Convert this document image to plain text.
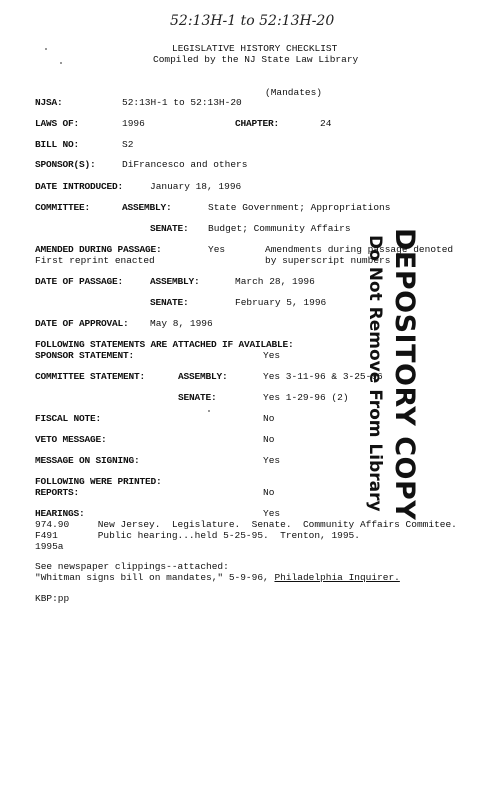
52:13H-1 to 52:13H-20
LEGISLATIVE HISTORY CHECKLIST
Compiled by the NJ State Law Library
(Mandates)
NJSA:	52:13H-1 to 52:13H-20
LAWS OF:	1996	CHAPTER:	24
BILL NO:	S2
SPONSOR(S):	DiFrancesco and others
DATE INTRODUCED:	January 18, 1996
COMMITTEE:	ASSEMBLY:	State Government; Appropriations
SENATE: Budget; Community Affairs
AMENDED DURING PASSAGE:	Yes	Amendments during passage denoted
First reprint enacted	by superscript numbers
DATE OF PASSAGE:	ASSEMBLY:	March 28, 1996
SENATE:	February 5, 1996
DATE OF APPROVAL: May 8, 1996
FOLLOWING STATEMENTS ARE ATTACHED IF AVAILABLE:
SPONSOR STATEMENT:	Yes
COMMITTEE STATEMENT:	ASSEMBLY:	Yes 3-11-96 & 3-25-96
SENATE:	Yes 1-29-96 (2)
FISCAL NOTE:	No
VETO MESSAGE:	No
MESSAGE ON SIGNING:	Yes
FOLLOWING WERE PRINTED:
REPORTS:	No
HEARINGS:	Yes
974.90     New Jersey.  Legislature.  Senate.  Community Affairs Commitee.
F491       Public hearing...held 5-25-95.  Trenton, 1995.
1995a
See newspaper clippings--attached:
"Whitman signs bill on mandates," 5-9-96, Philadelphia Inquirer.
KBP:pp
DEPOSITORY COPY
Do Not Remove From Library
